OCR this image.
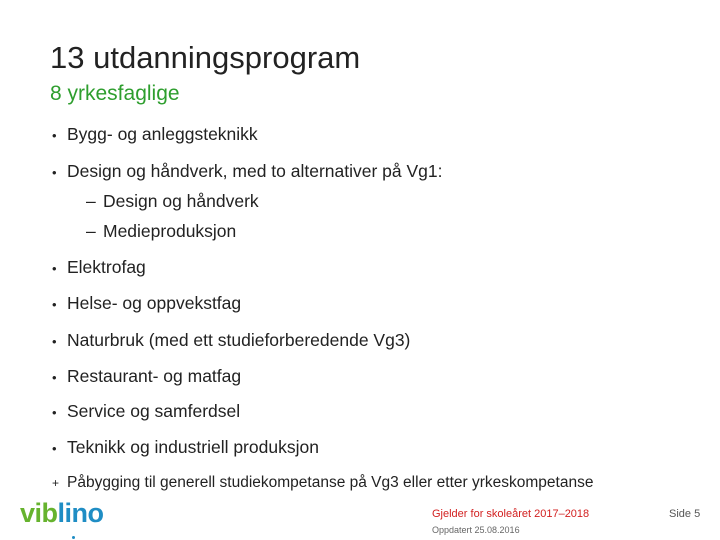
13 utdanningsprogram
8 yrkesfaglige
• Bygg- og anleggsteknikk
• Design og håndverk, med to alternativer på Vg1:
– Design og håndverk
– Medieproduksjon
• Elektrofag
• Helse- og oppvekstfag
• Naturbruk (med ett studieforberedende Vg3)
• Restaurant- og matfag
• Service og samferdsel
• Teknikk og industriell produksjon
+ Påbygging til generell studiekompetanse på Vg3 eller etter yrkeskompetanse
viblino	Gjelder for skoleåret 2017–2018
Oppdatert 25.08.2016
Side 5
